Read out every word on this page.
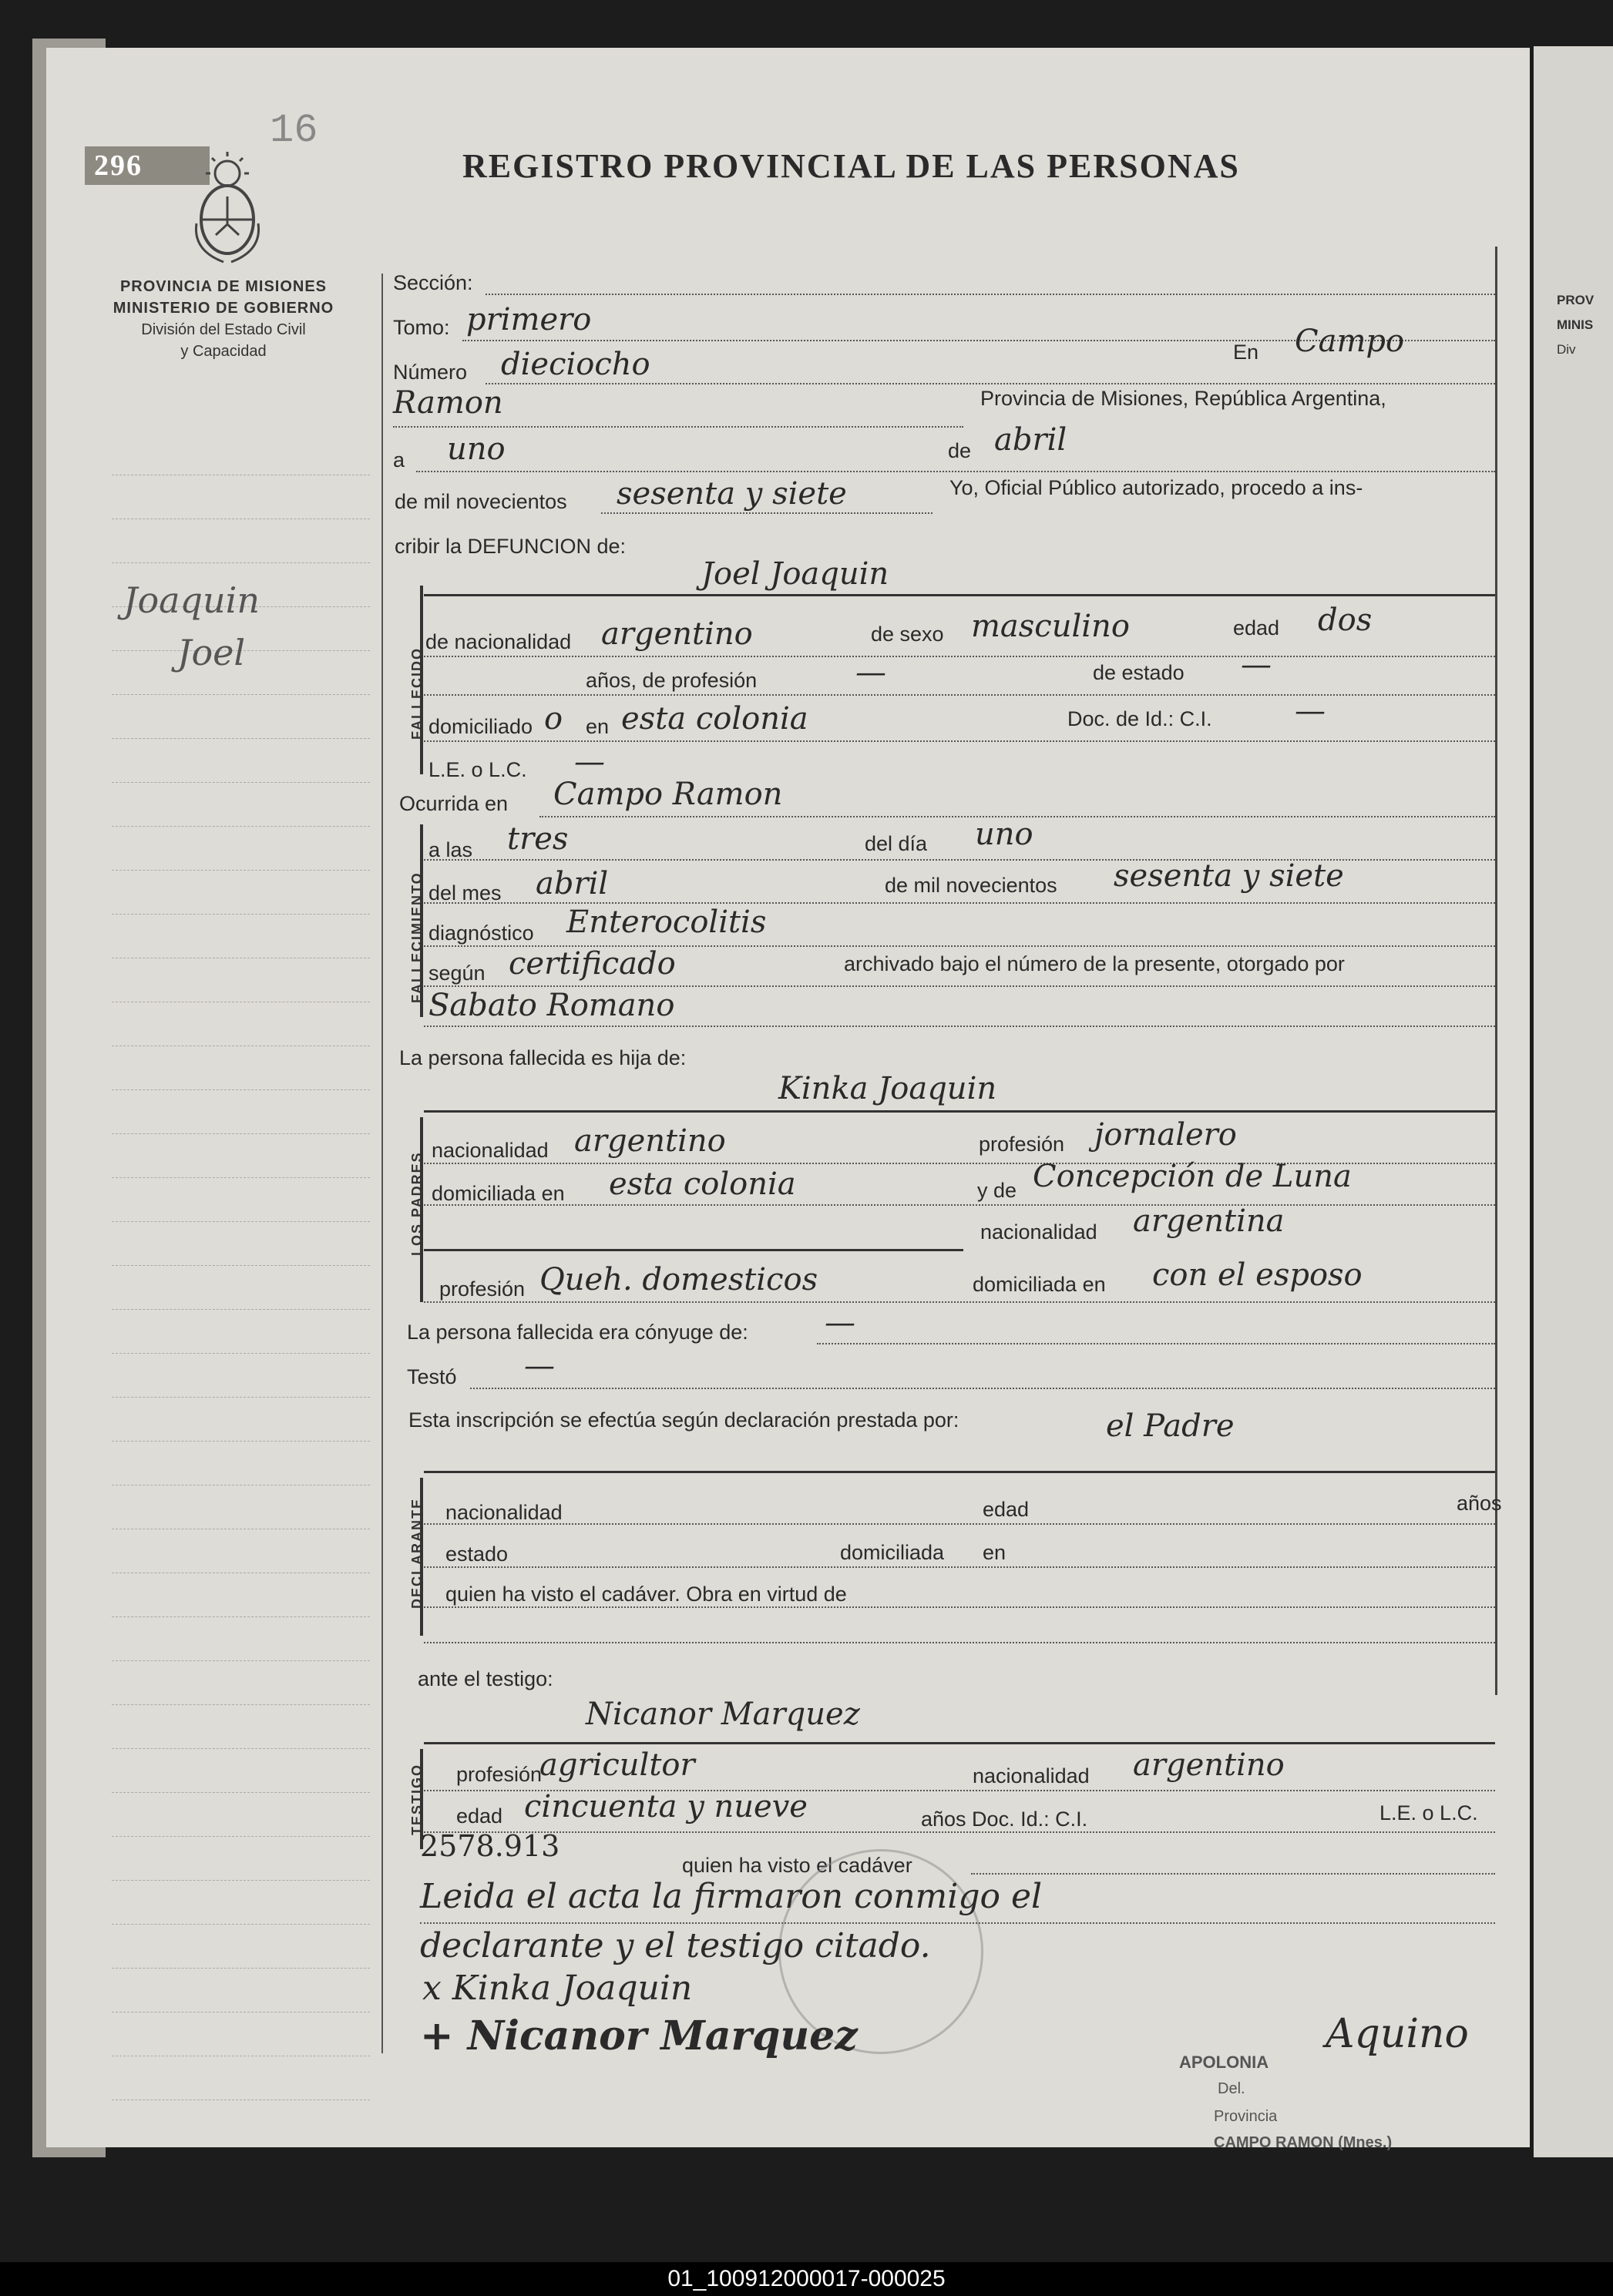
PROV
MINIS
Div
296
16
REGISTRO PROVINCIAL DE LAS PERSONAS
PROVINCIA DE MISIONES
MINISTERIO DE GOBIERNO
División del Estado Civil
y Capacidad
Joaquin
Joel
Sección:
Tomo: primero
Número dieciocho	En Campo
Ramon	Provincia de Misiones, República Argentina,
a uno	de abril
de mil novecientos sesenta y siete	Yo, Oficial Público autorizado, procedo a ins-
cribir la DEFUNCION de:
FALLECIDO
Joel Joaquin
de nacionalidad argentino	de sexo masculino	edad dos
años, de profesión	—	de estado —
domiciliado o en esta colonia	Doc. de Id.: C.I.	—
L.E. o L.C. —
Ocurrida en Campo Ramon
FALLECIMIENTO
a las tres	del día uno
del mes abril	de mil novecientos sesenta y siete
diagnóstico Enterocolitis
según certificado	archivado bajo el número de la presente, otorgado por
Sabato Romano
La persona fallecida es hija de:
Kinka Joaquin
LOS PADRES
nacionalidad argentino	profesión jornalero
domiciliada en esta colonia	y de Concepción de Luna
nacionalidad argentina
profesión Queh. domesticos	domiciliada en con el esposo
La persona fallecida era cónyuge de: —
Testó —
Esta inscripción se efectúa según declaración prestada por:	el Padre
DECLARANTE nacionalidad	edad	años
estado	domiciliada en
quien ha visto el cadáver. Obra en virtud de
ante el testigo:
Nicanor Marquez
TESTIGO profesión
agricultor	nacionalidad argentino
edad cincuenta y nueve	años Doc. Id.: C.I.	L.E. o L.C.
2578.913
quien ha visto el cadáver
Leida el acta la firmaron conmigo el
declarante y el testigo citado.
x Kinka Joaquin
+ Nicanor Marquez	Aquino
APOLONIA
Del.
Provincia
CAMPO RAMON (Mnes.)
01_100912000017-000025
